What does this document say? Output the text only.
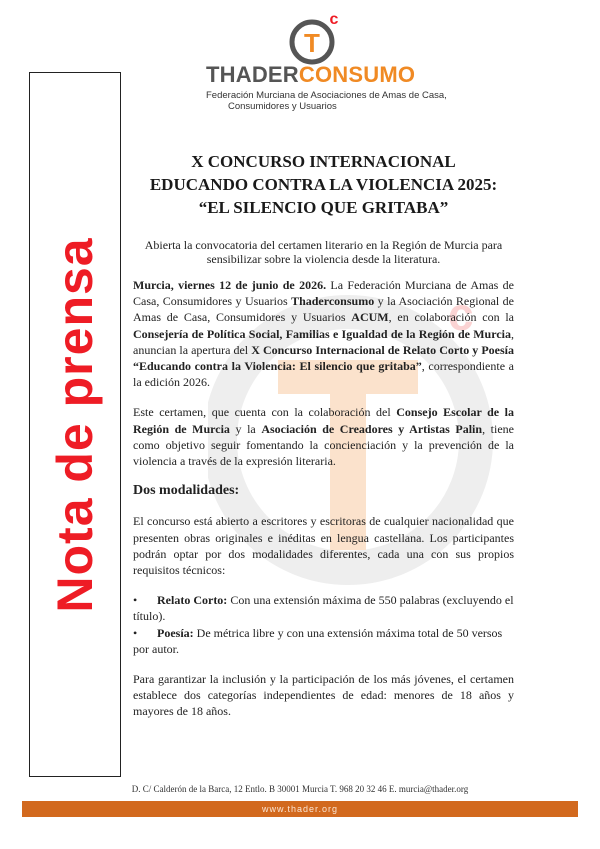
Nota de prensa	c
T
c
THADERCONSUMO
Federación Murciana de Asociaciones de Amas de Casa,
Consumidores y Usuarios
X CONCURSO INTERNACIONAL
EDUCANDO CONTRA LA VIOLENCIA 2025:
“EL SILENCIO QUE GRITABA”
Abierta la convocatoria del certamen literario en la Región de Murcia para sensibilizar sobre la violencia desde la literatura.

Murcia, viernes 12 de junio de 2026. La Federación Murciana de Amas de Casa, Consumidores y Usuarios Thaderconsumo y la Asociación Regional de Amas de Casa, Consumidores y Usuarios ACUM, en colaboración con la Consejería de Política Social, Familias e Igualdad de la Región de Murcia, anuncian la apertura del X Concurso Internacional de Relato Corto y Poesía “Educando contra la Violencia: El silencio que gritaba”, correspondiente a la edición 2026.

Este certamen, que cuenta con la colaboración del Consejo Escolar de la Región de Murcia y la Asociación de Creadores y Artistas Palin, tiene como objetivo seguir fomentando la concienciación y la prevención de la violencia a través de la expresión literaria.

Dos modalidades:

El concurso está abierto a escritores y escritoras de cualquier nacionalidad que presenten obras originales e inéditas en lengua castellana. Los participantes podrán optar por dos modalidades diferentes, cada una con sus propios requisitos técnicos:

•	Relato Corto: Con una extensión máxima de 550 palabras (excluyendo el
título).
•	Poesía: De métrica libre y con una extensión máxima total de 50 versos
por autor.

Para garantizar la inclusión y la participación de los más jóvenes, el certamen establece dos categorías independientes de edad: menores de 18 años y mayores de 18 años.

D. C/ Calderón de la Barca, 12 Entlo. B 30001 Murcia T. 968 20 32 46 E. murcia@thader.org
www.thader.org
